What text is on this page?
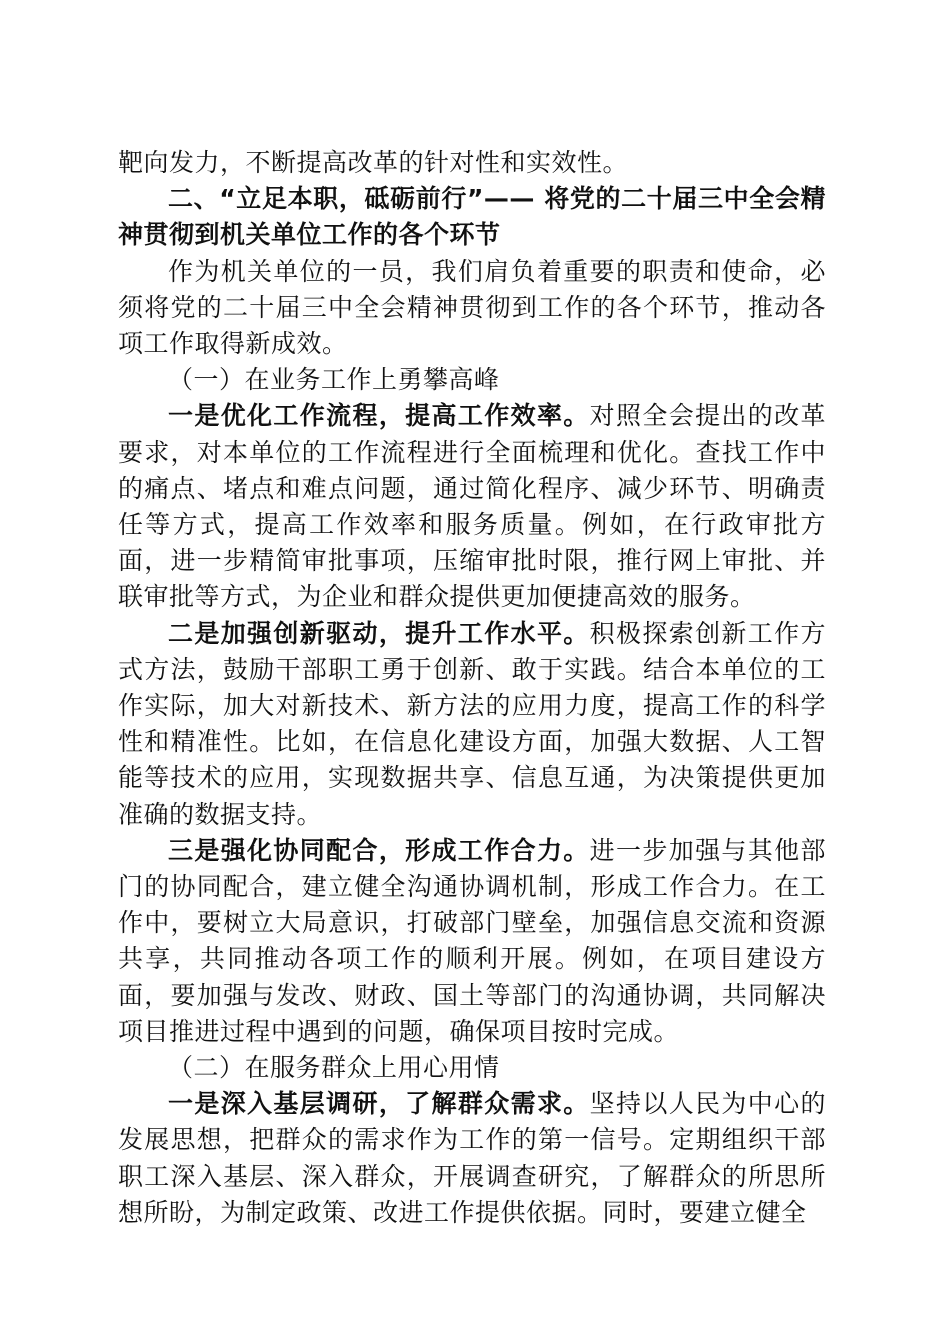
靶向发力，不断提高改革的针对性和实效性。

二、“立足本职，砥砺前行”—— 将党的二十届三中全会精神贯彻到机关单位工作的各个环节

作为机关单位的一员，我们肩负着重要的职责和使命，必须将党的二十届三中全会精神贯彻到工作的各个环节，推动各项工作取得新成效。

（一）在业务工作上勇攀高峰

一是优化工作流程，提高工作效率。对照全会提出的改革要求，对本单位的工作流程进行全面梳理和优化。查找工作中的痛点、堵点和难点问题，通过简化程序、减少环节、明确责任等方式，提高工作效率和服务质量。例如，在行政审批方面，进一步精简审批事项，压缩审批时限，推行网上审批、并联审批等方式，为企业和群众提供更加便捷高效的服务。

二是加强创新驱动，提升工作水平。积极探索创新工作方式方法，鼓励干部职工勇于创新、敢于实践。结合本单位的工作实际，加大对新技术、新方法的应用力度，提高工作的科学性和精准性。比如，在信息化建设方面，加强大数据、人工智能等技术的应用，实现数据共享、信息互通，为决策提供更加准确的数据支持。

三是强化协同配合，形成工作合力。进一步加强与其他部门的协同配合，建立健全沟通协调机制，形成工作合力。在工作中，要树立大局意识，打破部门壁垒，加强信息交流和资源共享，共同推动各项工作的顺利开展。例如，在项目建设方面，要加强与发改、财政、国土等部门的沟通协调，共同解决项目推进过程中遇到的问题，确保项目按时完成。

（二）在服务群众上用心用情

一是深入基层调研，了解群众需求。坚持以人民为中心的发展思想，把群众的需求作为工作的第一信号。定期组织干部职工深入基层、深入群众，开展调查研究，了解群众的所思所想所盼，为制定政策、改进工作提供依据。同时，要建立健全
